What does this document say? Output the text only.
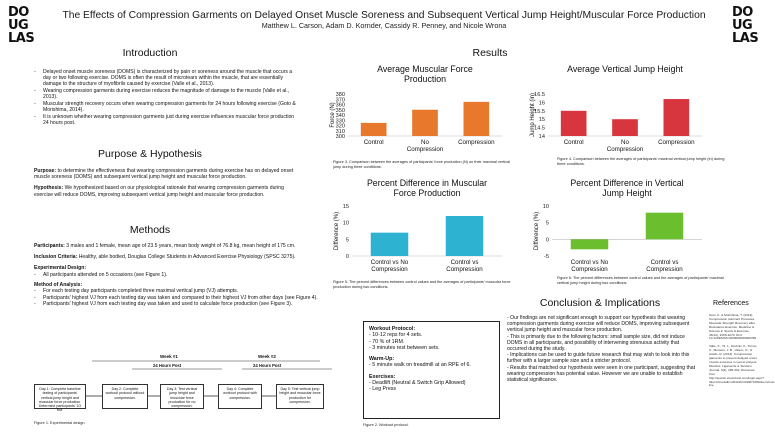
DO
UG
LAS
DO
UG
LAS
The Effects of Compression Garments on Delayed Onset Muscle Soreness and Subsequent Vertical Jump Height/Muscular Force Production
Matthew L. Carson, Adam D. Kornder, Cassidy R. Penney, and Nicole Wrona
Introduction
- Delayed onset muscle soreness (DOMS) is characterized by pain or soreness around the muscle that occurs a day or two following exercise. DOMS is often the result of microtears within the muscle, that are essentially damage to the structure of myofibrils caused by exercise (Valle et al., 2013).
- Wearing compression garments during exercise reduces the magnitude of damage to the muscle (Valle et al., 2013).
- Muscular strength recovery occurs when wearing compression garments for 24 hours following exercise (Goto & Morishima, 2014).
- It is unknown whether wearing compression garments just during exercise influences muscular force production 24 hours post.
Purpose & Hypothesis

Purpose: to determine the effectiveness that wearing compression garments during exercise has on delayed onset muscle soreness (DOMS) and subsequent vertical jump height and muscular force production.

Hypothesis: We hypothesized based on our physiological rationale that wearing compression garments during exercise will reduce DOMS, improving subsequent vertical jump height and muscular force production.

Methods

Participants: 3 males and 1 female, mean age of 23.5 years, mean body weight of 76.8 kg, mean height of 175 cm.

Inclusion Criteria: Healthy, able bodied, Douglas College Students in Advanced Exercise Physiology (SPSC 3275).

Experimental Design:

- All participants attended on 5 occasions (see Figure 1).

Method of Analysis:

- For each testing day participants completed three maximal vertical jump (VJ) attempts.
- Participants' highest VJ from each testing day was taken and compared to their highest VJ from other days (see Figure 4).
- Participants' highest VJ from each testing day was taken and used to calculate force production (see Figure 3).
Week #1	Week #2
24 Hours Post	24 Hours Post
Day 1: Complete baseline testing of participants' vertical jump height and muscular force production. Determine participants' 1O RM.
Day 2: Complete workout protocol without compression.
Day 3: Test vertical jump height and muscular force production for no compression.
Day 4: Complete workout protocol with compression.
Day 5: Test vertical jump height and muscular force production for compression.
Figure 1. Experimental design.
Workout Protocol:
- 10-12 reps for 4 sets.
- 70 % of 1RM.
- 3 minutes rest between sets.
Warm-Up:
- 5 minute walk on treadmill at an RPE of 6.
Exercises:
- Deadlift (Neutral & Switch Grip Allowed)
- Leg Press
Figure 2. Workout protocol.
Results
Average Muscular Force
Production
Force (N)
300
310
320
330
340
350
360
370
380
Control	No
Compression
Compression
Figure 3. Comparison between the averages of participants' force production (N) on their maximal vertical jump during three conditions.
Average Vertical Jump Height
Jump Height (in) 14
14.5
15
15.5
16
16.5
Control	No
Compression
Compression
Figure 4. Comparison between the averages of participants' maximal vertical jump height (in) during three conditions.
Percent Difference in Muscular
Force Production
Difference (%)
0
5
10
15
Control vs No
Compression
Control vs
Compression
Figure 5. The percent differences between control values and the averages of participants' muscular force production during two conditions.
Percent Difference in Vertical
Jump Height
Difference (%)
-5
0
5
10
Control vs No
Compression
Control vs
Compression
Figure 6. The percent differences between control values and the averages of participants' maximal vertical jump height during two conditions.
Conclusion & Implications
- Our findings are not significant enough to support our hypothesis that wearing compression garments during exercise will reduce DOMS, improving subsequent vertical jump height and muscular force production.
- This is primarily due to the following factors: small sample size, did not induce DOMS in all participants, and possibility of intervening strenuous activity that occurred during the study.
- Implications can be used to guide future research that may wish to look into this further with a larger sample size and a stricter protocol.
- Results that matched our hypothesis were seen in one participant, suggesting that wearing compression has potential value. However we are unable to establish statistical significance.
References
Goto, K. & Morishima, T. (2014). Compression Garment Promotes Muscular Strength Recovery after Resistance Exercise. Medicine & Science in Sports & Exercise, 46(12), 2265-2270. DOI: 10.1249/MSS.0000000000000359
Valle, X., Til, L., Drobnic, F., Turmo, A., Montoro, J. B., Valero, O., & Artells, R. (2013). Compression garments to prevent delayed onset muscle soreness in soccer players. Muscles, Ligaments & Tendons Journal, 3(4), 295-302. Retrieved from http://search.ebscohost.com/login.aspx?direct=true&db=s3h&AN=94087108&site=ehost-live
